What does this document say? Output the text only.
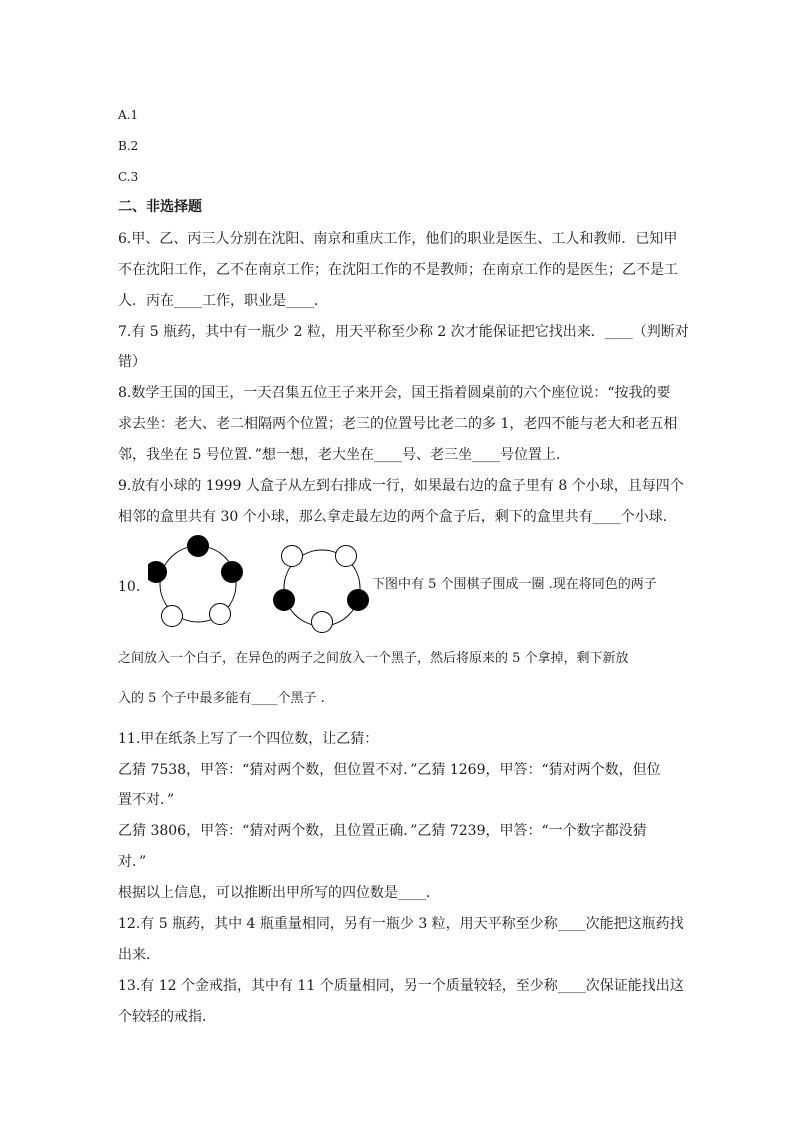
A.1
B.2
C.3
二、非选择题
6.甲、乙、丙三人分别在沈阳、南京和重庆工作，他们的职业是医生、工人和教师．已知甲
不在沈阳工作，乙不在南京工作；在沈阳工作的不是教师；在南京工作的是医生；乙不是工
人．丙在____工作，职业是____．
7.有 5 瓶药，其中有一瓶少 2 粒，用天平称至少称 2 次才能保证把它找出来．____（判断对
错）
8.数学王国的国王，一天召集五位王子来开会，国王指着圆桌前的六个座位说：“按我的要
求去坐：老大、老二相隔两个位置；老三的位置号比老二的多 1，老四不能与老大和老五相
邻，我坐在 5 号位置．”想一想，老大坐在____号、老三坐____号位置上．
9.放有小球的 1999 人盒子从左到右排成一行，如果最右边的盒子里有 8 个小球，且每四个
相邻的盒里共有 30 个小球，那么拿走最左边的两个盒子后，剩下的盒里共有____个小球．
10.	下图中有 5 个围棋子围成一圈 .现在将同色的两子
之间放入一个白子，在异色的两子之间放入一个黑子，然后将原来的 5 个拿掉，剩下新放
入的 5 个子中最多能有____个黑子 .
11.甲在纸条上写了一个四位数，让乙猜：
乙猜 7538，甲答：“猜对两个数，但位置不对．”乙猜 1269，甲答：“猜对两个数，但位
置不对．”
乙猜 3806，甲答：“猜对两个数，且位置正确．”乙猜 7239，甲答：“一个数字都没猜
对．”
根据以上信息，可以推断出甲所写的四位数是____．
12.有 5 瓶药，其中 4 瓶重量相同，另有一瓶少 3 粒，用天平称至少称____次能把这瓶药找
出来．
13.有 12 个金戒指，其中有 11 个质量相同，另一个质量较轻，至少称____次保证能找出这
个较轻的戒指．
